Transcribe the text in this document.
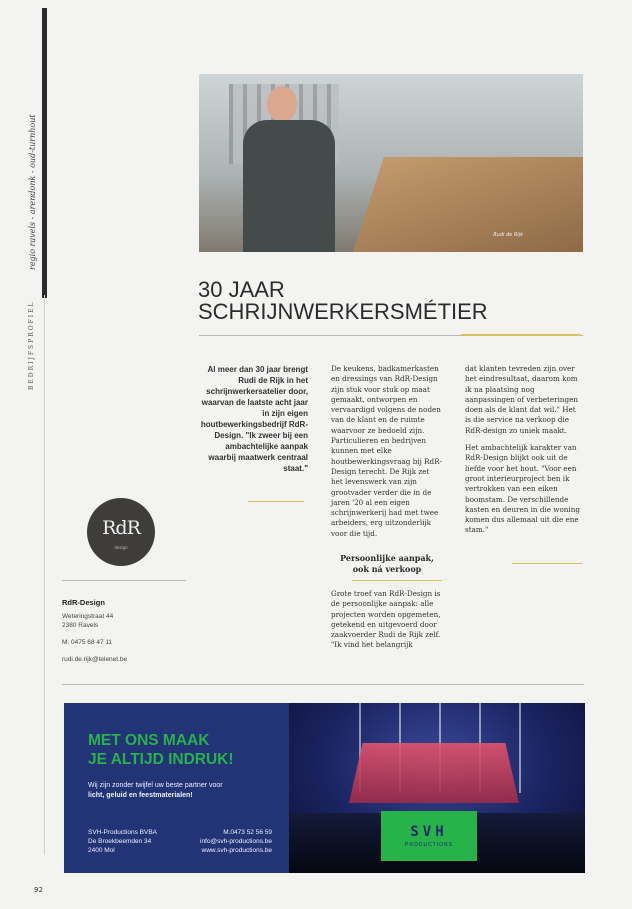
regio ravels - arendonk - oud-turnhout
BEDRIJFSPROFIEL
Rudi de Rijk
30 JAAR
SCHRIJNWERKERSMÉTIER
Al meer dan 30 jaar brengt Rudi de Rijk in het schrijnwerkersatelier door, waarvan de laatste acht jaar in zijn eigen houtbewerkingsbedrijf RdR-Design. "Ik zweer bij een ambachtelijke aanpak waarbij maatwerk centraal staat."

De keukens, badkamerkasten en dressings van RdR-Design zijn stuk voor stuk op maat gemaakt, ontworpen en vervaardigd volgens de noden van de klant en de ruimte waarvoor ze bedoeld zijn. Particulieren en bedrijven kunnen met elke houtbewerkingsvraag bij RdR-Design terecht. De Rijk zet het levenswerk van zijn grootvader verder die in de jaren '20 al een eigen schrijnwerkerij had met twee arbeiders, erg uitzonderlijk voor die tijd.

Persoonlijke aanpak, ook ná verkoop

Grote troef van RdR-Design is de persoonlijke aanpak: alle projecten worden opgemeten, getekend en uitgevoerd door zaakvoerder Rudi de Rijk zelf. "Ik vind het belangrijk

dat klanten tevreden zijn over het eindresultaat, daarom kom ik na plaatsing nog aanpassingen of verbeteringen doen als de klant dat wil." Het is die service na verkoop die RdR-design zo uniek maakt.

Het ambachtelijk karakter van RdR-Design blijkt ook uit de liefde voor het hout. "Voor een groot interieurproject ben ik vertrokken van een eiken boomstam. De verschillende kasten en deuren in die woning komen dus allemaal uit die ene stam."

RdR
design
RdR-Design
Weteringstraat 44
2380 Ravels
M. 0475 68 47 11
rudi.de.rijk@telenet.be
MET ONS MAAK
JE ALTIJD INDRUK!
Wij zijn zonder twijfel uw beste partner voor
licht, geluid en feestmaterialen!
SVH-Productions BVBA
De Broekbeemden 34
2400 Mol
M.0473 52 56 59
info@svh-productions.be
www.svh-productions.be
SVH
PRODUCTIONS
92
